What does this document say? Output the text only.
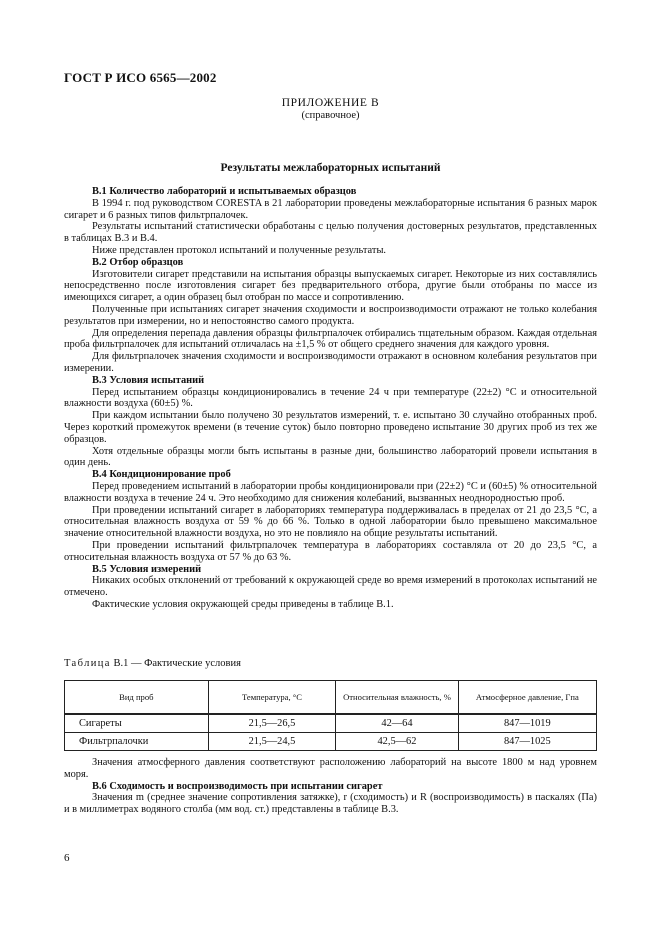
ГОСТ Р ИСО 6565—2002
ПРИЛОЖЕНИЕ В
(справочное)
Результаты межлабораторных испытаний

В.1 Количество лабораторий и испытываемых образцов

В 1994 г. под руководством CORESTA в 21 лаборатории проведены межлабораторные испытания 6 разных марок сигарет и 6 разных типов фильтрпалочек.

Результаты испытаний статистически обработаны с целью получения достоверных результатов, представленных в таблицах В.3 и В.4.

Ниже представлен протокол испытаний и полученные результаты.

В.2 Отбор образцов

Изготовители сигарет представили на испытания образцы выпускаемых сигарет. Некоторые из них составлялись непосредственно после изготовления сигарет без предварительного отбора, другие были отобраны по массе из имеющихся сигарет, а один образец был отобран по массе и сопротивлению.

Полученные при испытаниях сигарет значения сходимости и воспроизводимости отражают не только колебания результатов при измерении, но и непостоянство самого продукта.

Для определения перепада давления образцы фильтрпалочек отбирались тщательным образом. Каждая отдельная проба фильтрпалочек для испытаний отличалась на ±1,5 % от общего среднего значения для каждого уровня.

Для фильтрпалочек значения сходимости и воспроизводимости отражают в основном колебания результатов при измерении.

В.3 Условия испытаний

Перед испытанием образцы кондиционировались в течение 24 ч при температуре (22±2) °С и относительной влажности воздуха (60±5) %.

При каждом испытании было получено 30 результатов измерений, т. е. испытано 30 случайно отобранных проб. Через короткий промежуток времени (в течение суток) было повторно проведено испытание 30 других проб из тех же образцов.

Хотя отдельные образцы могли быть испытаны в разные дни, большинство лабораторий провели испытания в один день.

В.4 Кондиционирование проб

Перед проведением испытаний в лаборатории пробы кондиционировали при (22±2) °С и (60±5) % относительной влажности воздуха в течение 24 ч. Это необходимо для снижения колебаний, вызванных неоднородностью проб.

При проведении испытаний сигарет в лабораториях температура поддерживалась в пределах от 21 до 23,5 °С, а относительная влажность воздуха от 59 % до 66 %. Только в одной лаборатории было превышено максимальное значение относительной влажности воздуха, но это не повлияло на общие результаты испытаний.

При проведении испытаний фильтрпалочек температура в лабораториях составляла от 20 до 23,5 °С, а относительная влажность воздуха от 57 % до 63 %.

В.5 Условия измерений

Никаких особых отклонений от требований к окружающей среде во время измерений в протоколах испытаний не отмечено.

Фактические условия окружающей среды приведены в таблице В.1.

Таблица В.1 — Фактические условия
Вид проб	Температура, °С	Относительная влажность, %	Атмосферное давление, Гпа
Сигареты	21,5—26,5	42—64	847—1019
Фильтрпалочки	21,5—24,5	42,5—62	847—1025

Значения атмосферного давления соответствуют расположению лабораторий на высоте 1800 м над уровнем моря.

В.6 Сходимость и воспроизводимость при испытании сигарет

Значения m (среднее значение сопротивления затяжке), r (сходимость) и R (воспроизводимость) в паскалях (Па) и в миллиметрах водяного столба (мм вод. ст.) представлены в таблице В.3.

6
